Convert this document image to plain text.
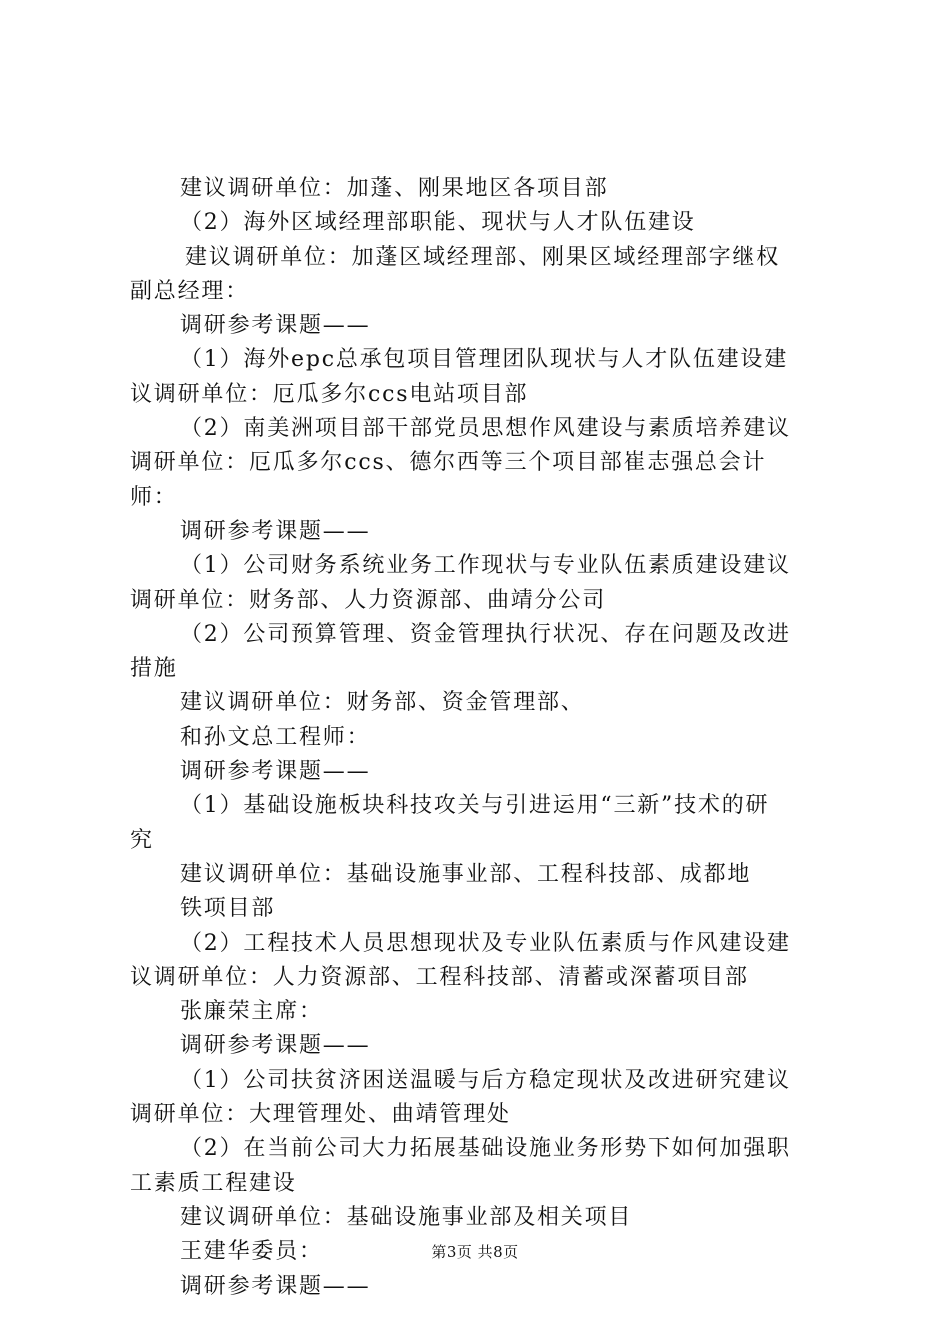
建议调研单位：加蓬、刚果地区各项目部
（2）海外区域经理部职能、现状与人才队伍建设
建议调研单位：加蓬区域经理部、刚果区域经理部字继权
副总经理：
调研参考课题——
（1）海外epc总承包项目管理团队现状与人才队伍建设建
议调研单位：厄瓜多尔ccs电站项目部
（2）南美洲项目部干部党员思想作风建设与素质培养建议
调研单位：厄瓜多尔ccs、德尔西等三个项目部崔志强总会计
师：
调研参考课题——
（1）公司财务系统业务工作现状与专业队伍素质建设建议
调研单位：财务部、人力资源部、曲靖分公司
（2）公司预算管理、资金管理执行状况、存在问题及改进
措施
建议调研单位：财务部、资金管理部、
和孙文总工程师：
调研参考课题——
（1）基础设施板块科技攻关与引进运用“三新”技术的研
究
建议调研单位：基础设施事业部、工程科技部、成都地
铁项目部
（2）工程技术人员思想现状及专业队伍素质与作风建设建
议调研单位：人力资源部、工程科技部、清蓄或深蓄项目部
张廉荣主席：
调研参考课题——
（1）公司扶贫济困送温暖与后方稳定现状及改进研究建议
调研单位：大理管理处、曲靖管理处
（2）在当前公司大力拓展基础设施业务形势下如何加强职
工素质工程建设
建议调研单位：基础设施事业部及相关项目
王建华委员：
调研参考课题——
第3页 共8页
